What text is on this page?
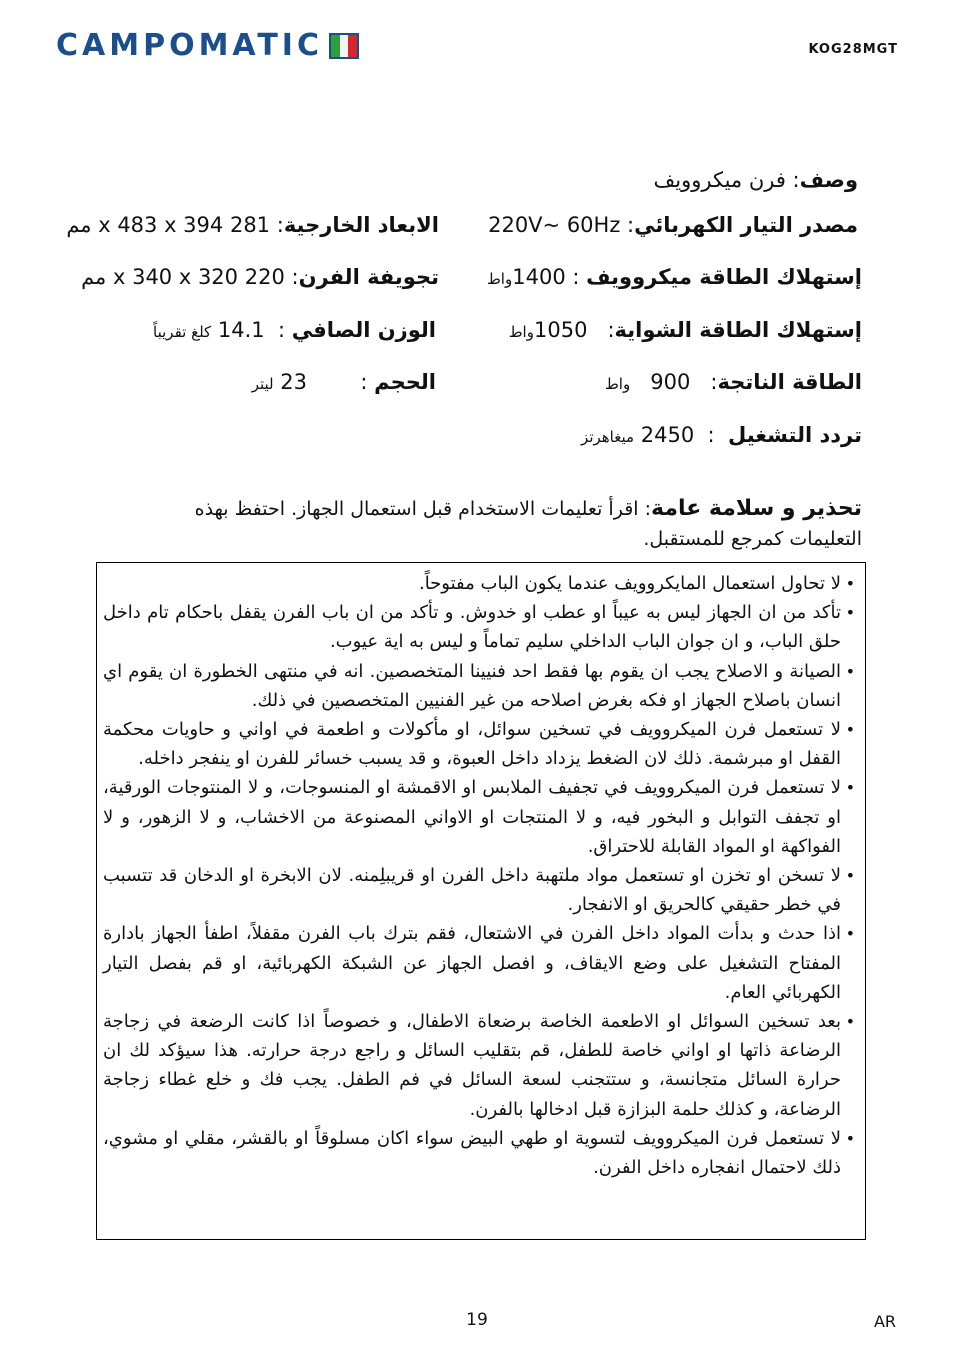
CAMPOMATIC	KOG28MGT
وصف: فرن ميكروويف
مصدر التيار الكهربائي: 220V~ 60Hz
إستهلاك الطاقة ميكروويف : 1400واط
إستهلاك الطاقة الشواية:   1050واط
الطاقة الناتجة:   900   واط
تردد التشغيل  :  2450 ميغاهرتز
الابعاد الخارجية: 281 x 483 x 394 مم
تجويفة الفرن: 220 x 340 x 320 مم
الوزن الصافي :  14.1 كلغ تقريباً
الحجم :        23 ليتر
تحذير و سلامة عامة: اقرأ تعليمات الاستخدام قبل استعمال الجهاز. احتفظ بهذه التعليمات كمرجع للمستقبل.
• لا تحاول استعمال المايكروويف عندما يكون الباب مفتوحاً.
• تأكد من ان الجهاز ليس به عيباً او عطب او خدوش. و تأكد من ان باب الفرن يقفل باحكام تام داخل حلق الباب، و ان جوان الباب الداخلي سليم تماماً و ليس به اية عيوب.
• الصيانة و الاصلاح يجب ان يقوم بها فقط احد فنيينا المتخصصين. انه في منتهى الخطورة ان يقوم اي انسان باصلاح الجهاز او فكه بغرض اصلاحه من غير الفنيين المتخصصين في ذلك.
• لا تستعمل فرن الميكروويف في تسخين سوائل، او مأكولات و اطعمة في اواني و حاويات محكمة القفل او مبرشمة. ذلك لان الضغط يزداد داخل العبوة، و قد يسبب خسائر للفرن او ينفجر داخله.
• لا تستعمل فرن الميكروويف في تجفيف الملابس او الاقمشة او المنسوجات، و لا المنتوجات الورقية، او تجفف التوابل و البخور فيه، و لا المنتجات او الاواني المصنوعة من الاخشاب، و لا الزهور، و لا الفواكهة او المواد القابلة للاحتراق.
• لا تسخن او تخزن او تستعمل مواد ملتهبة داخل الفرن او قريبلِمنه. لان الابخرة او الدخان قد تتسبب في خطر حقيقي كالحريق او الانفجار.
• اذا حدث و بدأت المواد داخل الفرن في الاشتعال، فقم بترك باب الفرن مقفلاً، اطفأ الجهاز بادارة المفتاح التشغيل على وضع الايقاف، و افصل الجهاز عن الشبكة الكهربائية، او قم بفصل التيار الكهربائي العام.
• بعد تسخين السوائل او الاطعمة الخاصة برضعاة الاطفال، و خصوصاً اذا كانت الرضعة في زجاجة الرضاعة ذاتها او اواني خاصة للطفل، قم بتقليب السائل و راجع درجة حرارته. هذا سيؤكد لك ان حرارة السائل متجانسة، و ستتجنب لسعة السائل في فم الطفل. يجب فك و خلع غطاء زجاجة الرضاعة، و كذلك حلمة البزازة قبل ادخالها بالفرن.
• لا تستعمل فرن الميكروويف لتسوية او طهي البيض سواء اكان مسلوقاً او بالقشر، مقلي او مشوي، ذلك لاحتمال انفجاره داخل الفرن.
19	AR
